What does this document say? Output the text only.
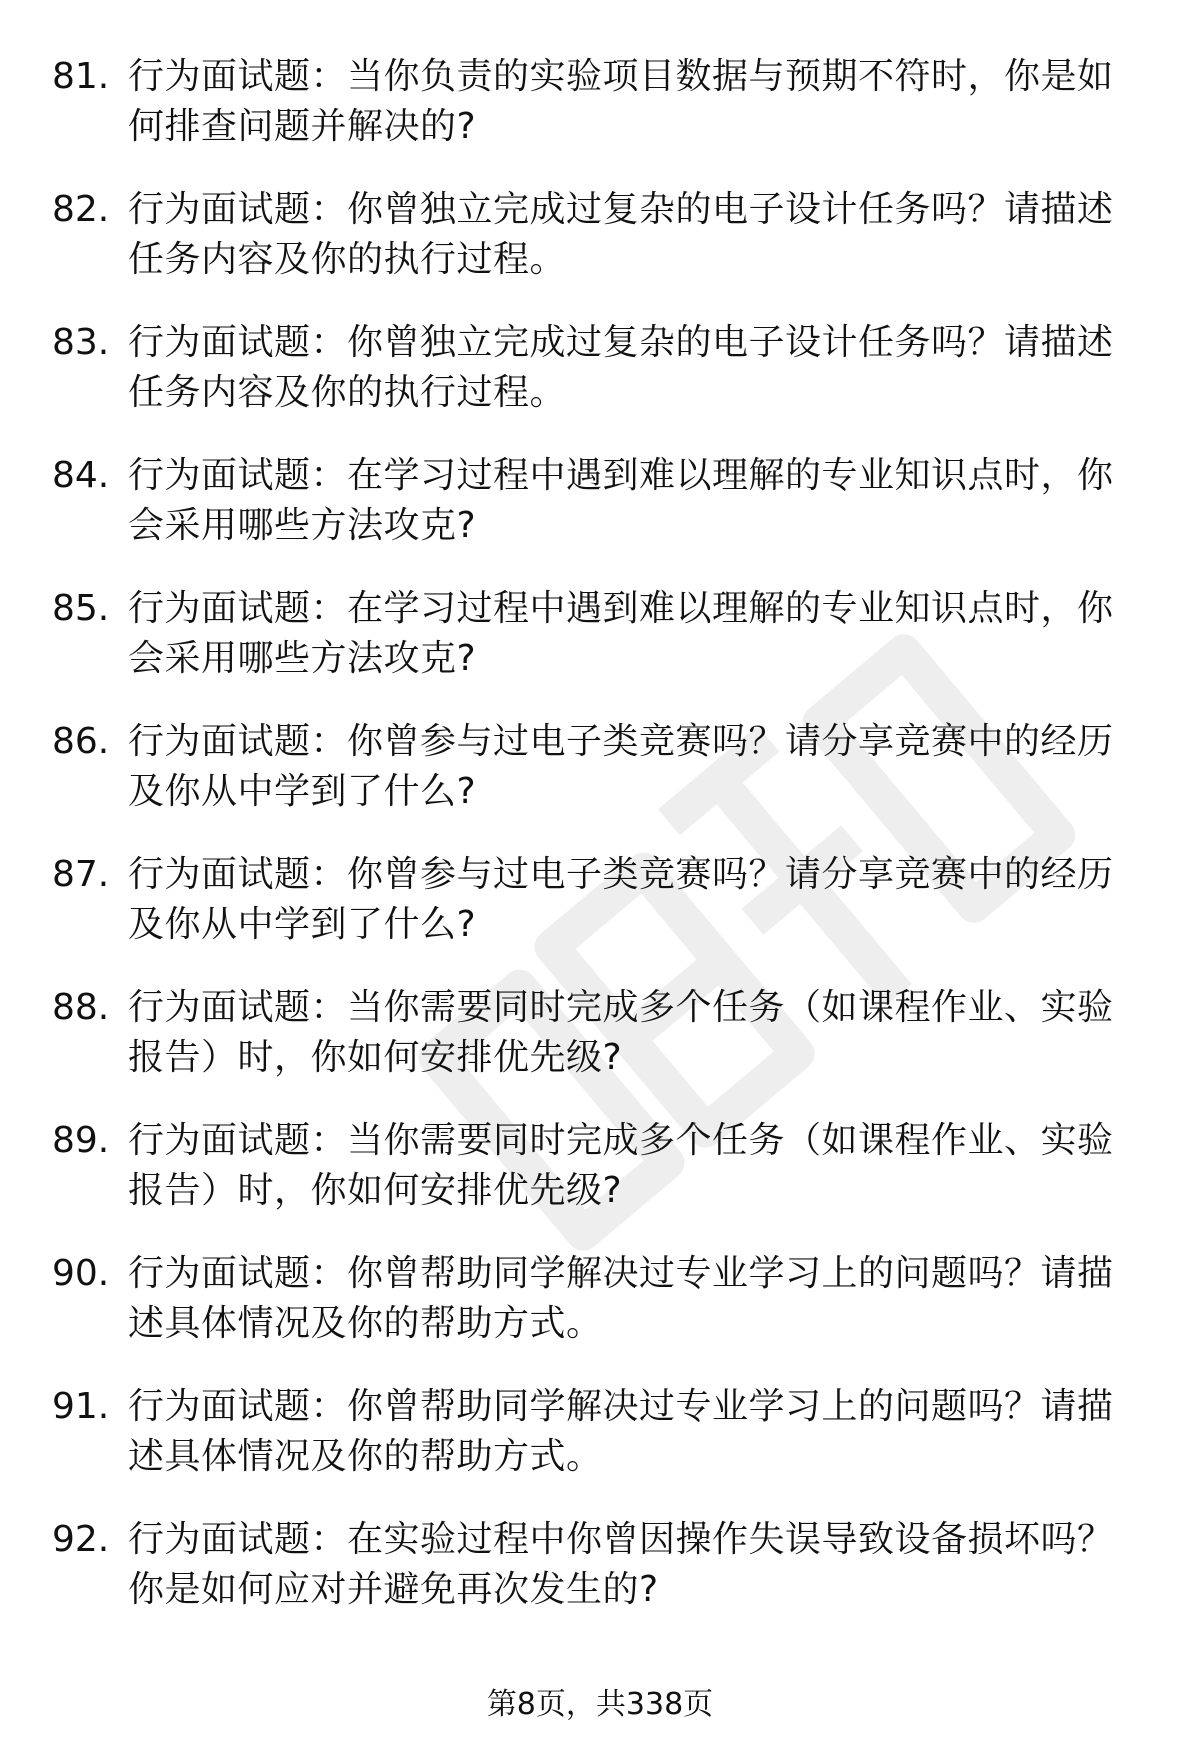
81. 行为面试题：当你负责的实验项目数据与预期不符时，你是如何排查问题并解决的?
82. 行为面试题：你曾独立完成过复杂的电子设计任务吗？请描述任务内容及你的执行过程。
83. 行为面试题：你曾独立完成过复杂的电子设计任务吗？请描述任务内容及你的执行过程。
84. 行为面试题：在学习过程中遇到难以理解的专业知识点时，你会采用哪些方法攻克?
85. 行为面试题：在学习过程中遇到难以理解的专业知识点时，你会采用哪些方法攻克?
86. 行为面试题：你曾参与过电子类竞赛吗？请分享竞赛中的经历及你从中学到了什么?
87. 行为面试题：你曾参与过电子类竞赛吗？请分享竞赛中的经历及你从中学到了什么?
88. 行为面试题：当你需要同时完成多个任务（如课程作业、实验报告）时，你如何安排优先级?
89. 行为面试题：当你需要同时完成多个任务（如课程作业、实验报告）时，你如何安排优先级?
90. 行为面试题：你曾帮助同学解决过专业学习上的问题吗？请描述具体情况及你的帮助方式。
91. 行为面试题：你曾帮助同学解决过专业学习上的问题吗？请描述具体情况及你的帮助方式。
92. 行为面试题：在实验过程中你曾因操作失误导致设备损坏吗？你是如何应对并避免再次发生的?
第8页，共338页
